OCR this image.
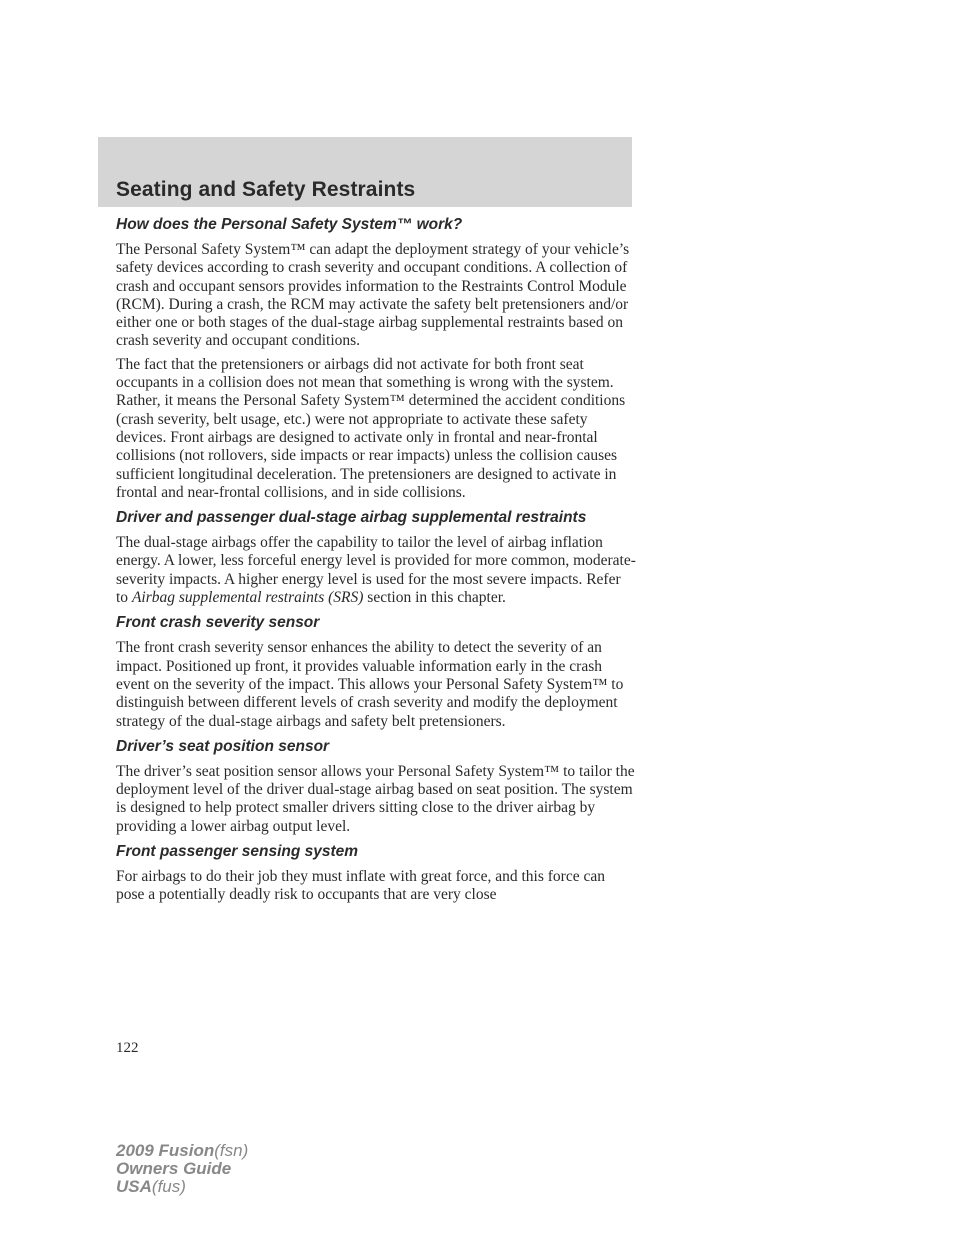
Seating and Safety Restraints
How does the Personal Safety System™ work?

The Personal Safety System™ can adapt the deployment strategy of your vehicle’s safety devices according to crash severity and occupant conditions. A collection of crash and occupant sensors provides information to the Restraints Control Module (RCM). During a crash, the RCM may activate the safety belt pretensioners and/or either one or both stages of the dual-stage airbag supplemental restraints based on crash severity and occupant conditions.

The fact that the pretensioners or airbags did not activate for both front seat occupants in a collision does not mean that something is wrong with the system. Rather, it means the Personal Safety System™ determined the accident conditions (crash severity, belt usage, etc.) were not appropriate to activate these safety devices. Front airbags are designed to activate only in frontal and near-frontal collisions (not rollovers, side impacts or rear impacts) unless the collision causes sufficient longitudinal deceleration. The pretensioners are designed to activate in frontal and near-frontal collisions, and in side collisions.

Driver and passenger dual-stage airbag supplemental restraints

The dual-stage airbags offer the capability to tailor the level of airbag inflation energy. A lower, less forceful energy level is provided for more common, moderate-severity impacts. A higher energy level is used for the most severe impacts. Refer to Airbag supplemental restraints (SRS) section in this chapter.

Front crash severity sensor

The front crash severity sensor enhances the ability to detect the severity of an impact. Positioned up front, it provides valuable information early in the crash event on the severity of the impact. This allows your Personal Safety System™ to distinguish between different levels of crash severity and modify the deployment strategy of the dual-stage airbags and safety belt pretensioners.

Driver’s seat position sensor

The driver’s seat position sensor allows your Personal Safety System™ to tailor the deployment level of the driver dual-stage airbag based on seat position. The system is designed to help protect smaller drivers sitting close to the driver airbag by providing a lower airbag output level.

Front passenger sensing system

For airbags to do their job they must inflate with great force, and this force can pose a potentially deadly risk to occupants that are very close

122

2009 Fusion(fsn)
Owners Guide
USA(fus)
